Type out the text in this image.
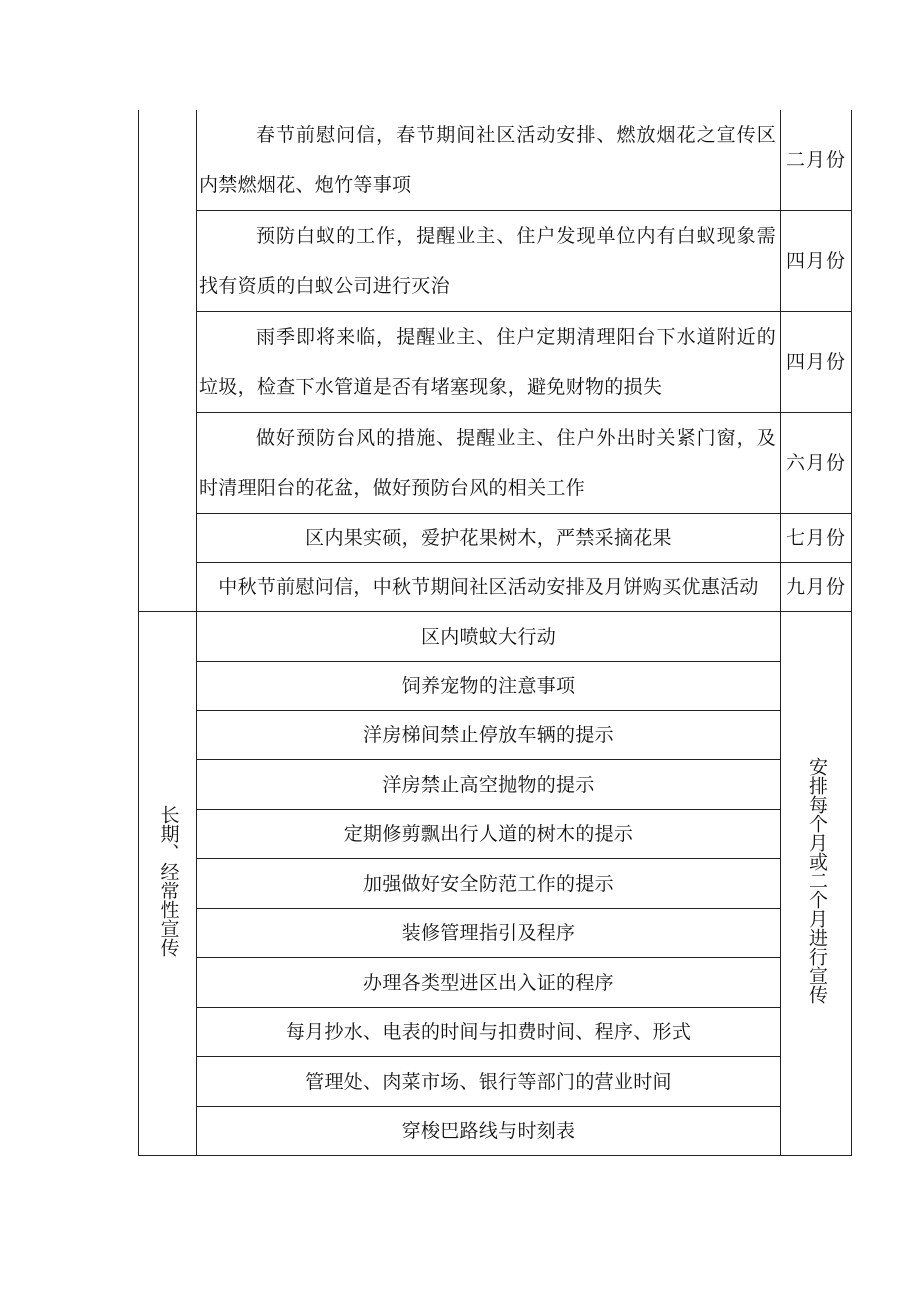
	春节前慰问信，春节期间社区活动安排、燃放烟花之宣传区内禁燃烟花、炮竹等事项	二月份

	预防白蚁的工作，提醒业主、住户发现单位内有白蚁现象需找有资质的白蚁公司进行灭治	四月份

	雨季即将来临，提醒业主、住户定期清理阳台下水道附近的垃圾，检查下水管道是否有堵塞现象，避免财物的损失	四月份

	做好预防台风的措施、提醒业主、住户外出时关紧门窗，及时清理阳台的花盆，做好预防台风的相关工作	六月份

	区内果实硕，爱护花果树木，严禁采摘花果	七月份

	中秋节前慰问信，中秋节期间社区活动安排及月饼购买优惠活动	九月份
长期、经常性宣传	区内喷蚊大行动	安排每个月或二个月进行宣传

	饲养宠物的注意事项	

	洋房梯间禁止停放车辆的提示	

	洋房禁止高空抛物的提示	

	定期修剪飘出行人道的树木的提示	

	加强做好安全防范工作的提示	

	装修管理指引及程序	

	办理各类型进区出入证的程序	

	每月抄水、电表的时间与扣费时间、程序、形式	

	管理处、肉菜市场、银行等部门的营业时间	

	穿梭巴路线与时刻表	
